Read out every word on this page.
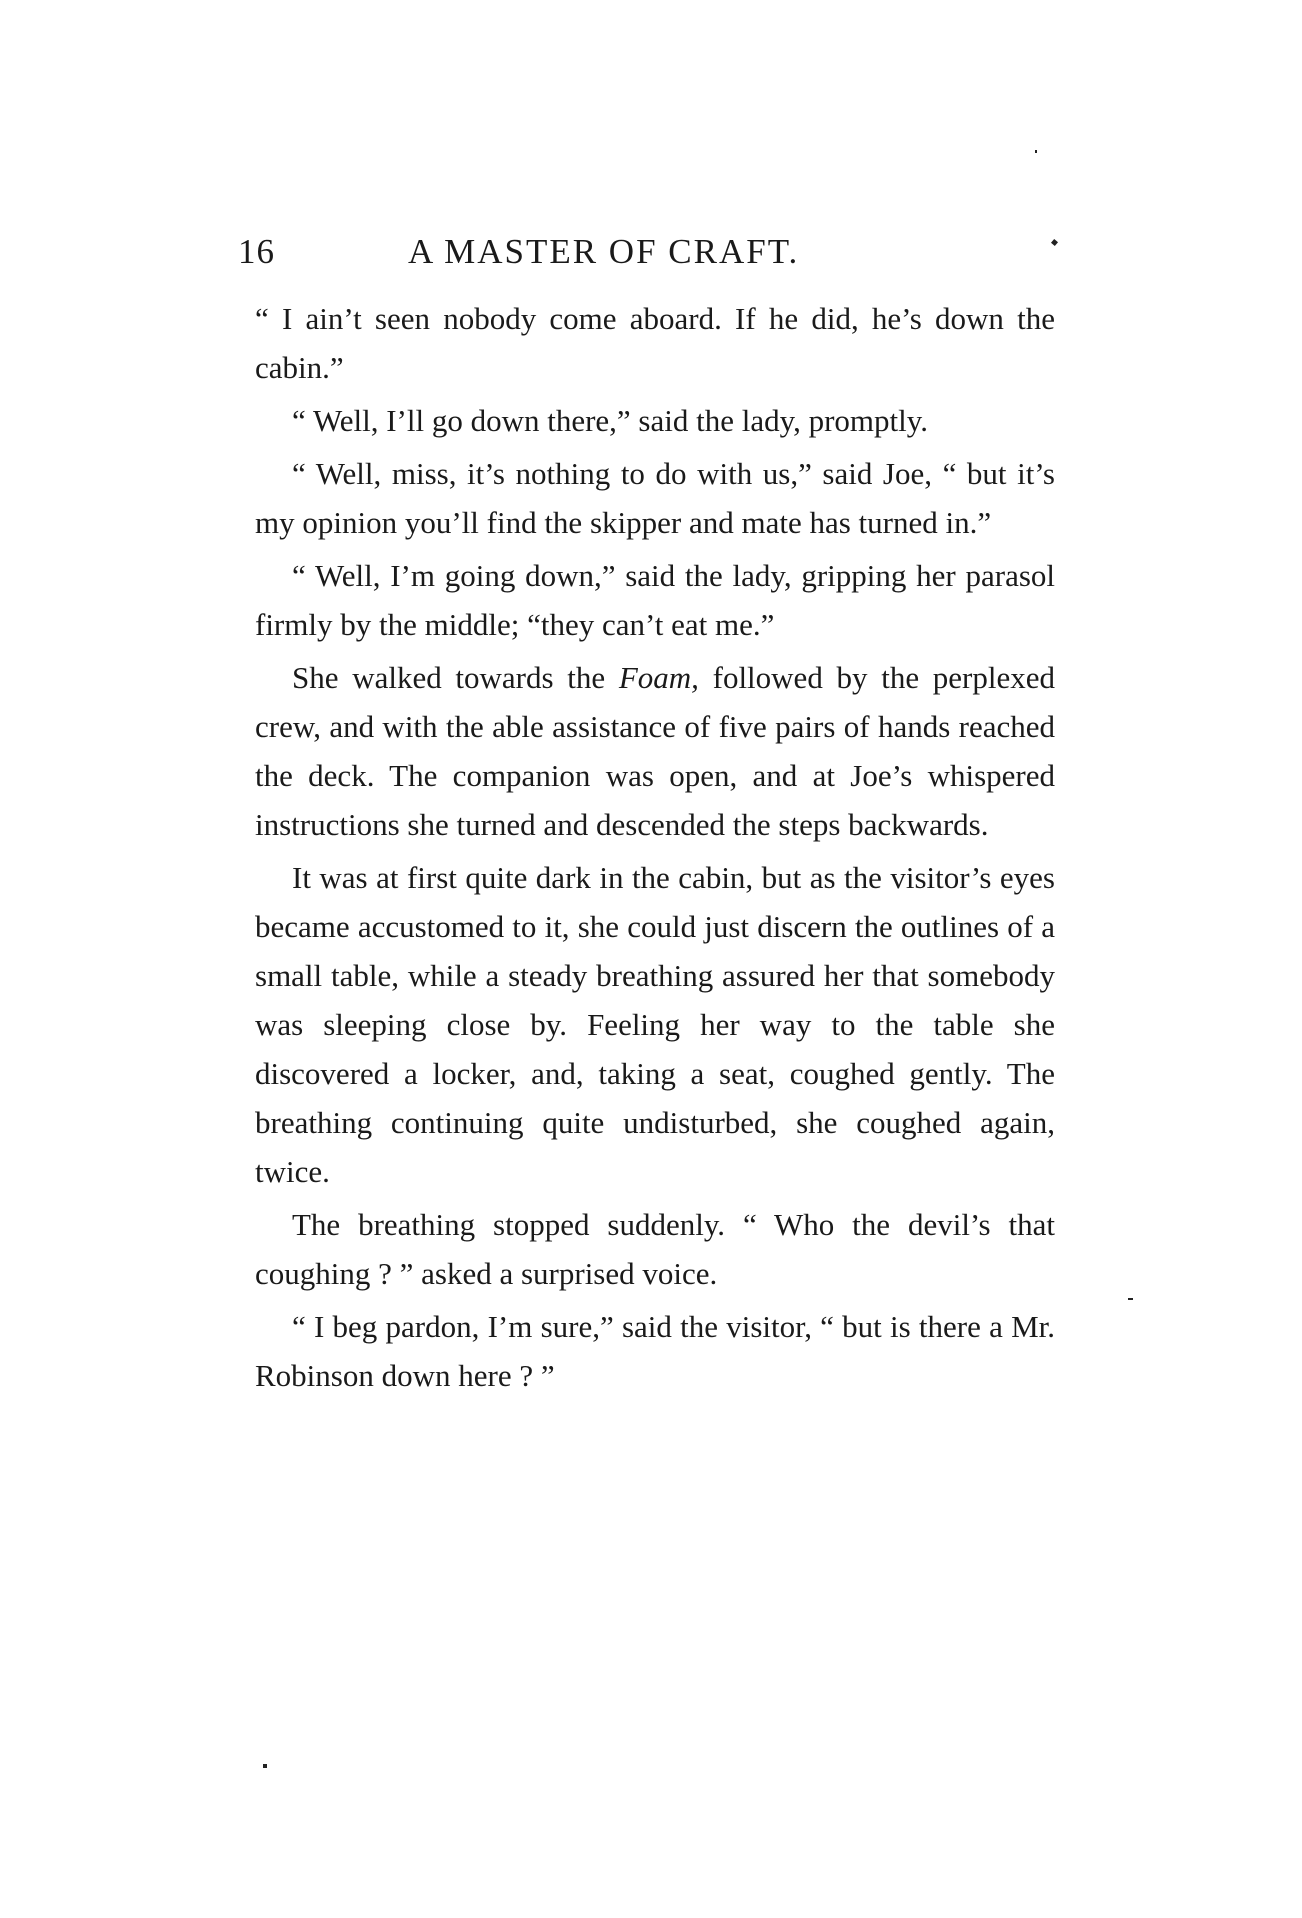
16	A MASTER OF CRAFT.

“ I ain’t seen nobody come aboard. If he did, he’s down the cabin.”

“ Well, I’ll go down there,” said the lady, promptly.

“ Well, miss, it’s nothing to do with us,” said Joe, “ but it’s my opinion you’ll find the skipper and mate has turned in.”

“ Well, I’m going down,” said the lady, gripping her parasol firmly by the middle; “they can’t eat me.”

She walked towards the Foam, followed by the perplexed crew, and with the able assistance of five pairs of hands reached the deck. The companion was open, and at Joe’s whispered instructions she turned and descended the steps backwards.

It was at first quite dark in the cabin, but as the visitor’s eyes became accustomed to it, she could just discern the outlines of a small table, while a steady breathing assured her that somebody was sleeping close by. Feeling her way to the table she discovered a locker, and, taking a seat, coughed gently. The breathing continuing quite undisturbed, she coughed again, twice.

The breathing stopped suddenly. “ Who the devil’s that coughing ? ” asked a surprised voice.

“ I beg pardon, I’m sure,” said the visitor, “ but is there a Mr. Robinson down here ? ”
